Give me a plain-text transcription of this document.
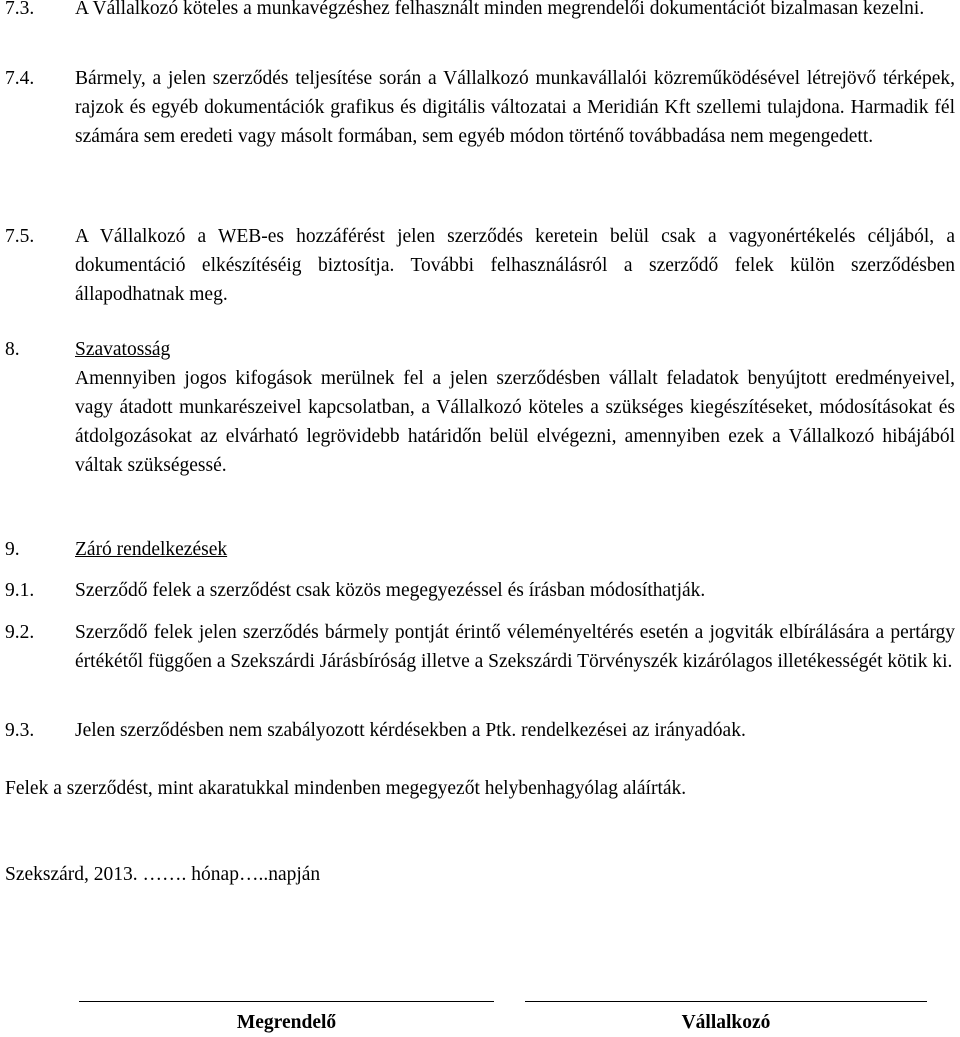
7.3. A Vállalkozó köteles a munkavégzéshez felhasznált minden megrendelői dokumentációt bizalmasan kezelni.
7.4. Bármely, a jelen szerződés teljesítése során a Vállalkozó munkavállalói közreműködésével létrejövő térképek, rajzok és egyéb dokumentációk grafikus és digitális változatai a Meridián Kft szellemi tulajdona. Harmadik fél számára sem eredeti vagy másolt formában, sem egyéb módon történő továbbadása nem megengedett.
7.5. A Vállalkozó a WEB-es hozzáférést jelen szerződés keretein belül csak a vagyonértékelés céljából, a dokumentáció elkészítéséig biztosítja. További felhasználásról a szerződő felek külön szerződésben állapodhatnak meg.
8.	Szavatosság
Amennyiben jogos kifogások merülnek fel a jelen szerződésben vállalt feladatok benyújtott eredményeivel, vagy átadott munkarészeivel kapcsolatban, a Vállalkozó köteles a szükséges kiegészítéseket, módosításokat és átdolgozásokat az elvárható legrövidebb határidőn belül elvégezni, amennyiben ezek a Vállalkozó hibájából váltak szükségessé.
9.	Záró rendelkezések
9.1. Szerződő felek a szerződést csak közös megegyezéssel és írásban módosíthatják.
9.2. Szerződő felek jelen szerződés bármely pontját érintő véleményeltérés esetén a jogviták elbírálására a pertárgy értékétől függően a Szekszárdi Járásbíróság illetve a Szekszárdi Törvényszék kizárólagos illetékességét kötik ki.
9.3. Jelen szerződésben nem szabályozott kérdésekben a Ptk. rendelkezései az irányadóak.
Felek a szerződést, mint akaratukkal mindenben megegyezőt helybenhagyólag aláírták.
Szekszárd, 2013. ……. hónap…..napján
Megrendelő	Vállalkozó
